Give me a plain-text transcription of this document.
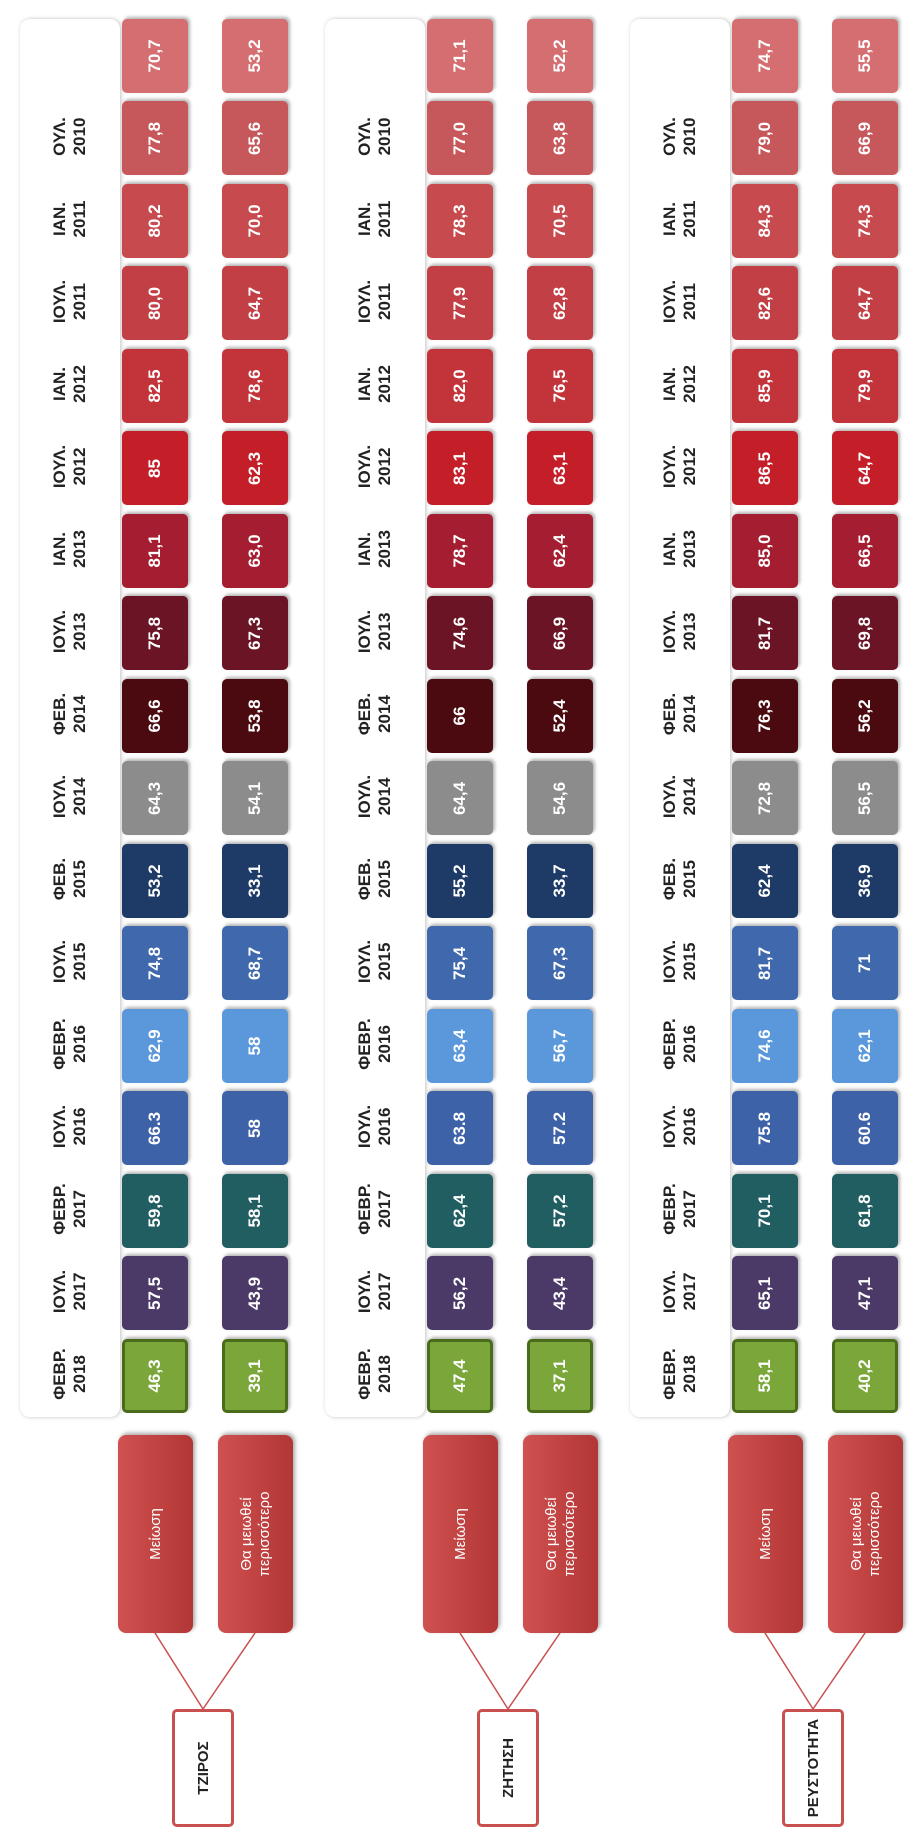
ΦΕΒΡ.
2018
ΙΟΥΛ.
2017
ΦΕΒΡ.
2017
ΙΟΥΛ.
2016
ΦΕΒΡ.
2016
ΙΟΥΛ.
2015
ΦΕΒ.
2015
ΙΟΥΛ.
2014
ΦΕΒ.
2014
ΙΟΥΛ.
2013
ΙΑΝ.
2013
ΙΟΥΛ.
2012
ΙΑΝ.
2012
ΙΟΥΛ.
2011
ΙΑΝ.
2011
ΟΥΛ.
2010
46,3
57,5
59,8
66.3
62,9
74,8
53,2
64,3
66,6
75,8
81,1
85
82,5
80,0
80,2
77,8
70,7
Μείωση
39,1
43,9
58,1
58
58
68,7
33,1
54,1
53,8
67,3
63,0
62,3
78,6
64,7
70,0
65,6
53,2
Θα μειωθεί
περισσότερο
ΤΖΙΡΟΣ
ΦΕΒΡ.
2018
ΙΟΥΛ.
2017
ΦΕΒΡ.
2017
ΙΟΥΛ.
2016
ΦΕΒΡ.
2016
ΙΟΥΛ.
2015
ΦΕΒ.
2015
ΙΟΥΛ.
2014
ΦΕΒ.
2014
ΙΟΥΛ.
2013
ΙΑΝ.
2013
ΙΟΥΛ.
2012
ΙΑΝ.
2012
ΙΟΥΛ.
2011
ΙΑΝ.
2011
ΟΥΛ.
2010
47,4
56,2
62,4
63.8
63,4
75,4
55,2
64,4
66
74,6
78,7
83,1
82,0
77,9
78,3
77,0
71,1
Μείωση
37,1
43,4
57,2
57.2
56,7
67,3
33,7
54,6
52,4
66,9
62,4
63,1
76,5
62,8
70,5
63,8
52,2
Θα μειωθεί
περισσότερο
ΖΗΤΗΣΗ
ΦΕΒΡ.
2018
ΙΟΥΛ.
2017
ΦΕΒΡ.
2017
ΙΟΥΛ.
2016
ΦΕΒΡ.
2016
ΙΟΥΛ.
2015
ΦΕΒ.
2015
ΙΟΥΛ.
2014
ΦΕΒ.
2014
ΙΟΥΛ.
2013
ΙΑΝ.
2013
ΙΟΥΛ.
2012
ΙΑΝ.
2012
ΙΟΥΛ.
2011
ΙΑΝ.
2011
ΟΥΛ.
2010
58,1
65,1
70,1
75.8
74,6
81,7
62,4
72,8
76,3
81,7
85,0
86,5
85,9
82,6
84,3
79,0
74,7
Μείωση
40,2
47,1
61,8
60.6
62,1
71
36,9
56,5
56,2
69,8
66,5
64,7
79,9
64,7
74,3
66,9
55,5
Θα μειωθεί
περισσότερο
ΡΕΥΣΤΟΤΗΤΑ
